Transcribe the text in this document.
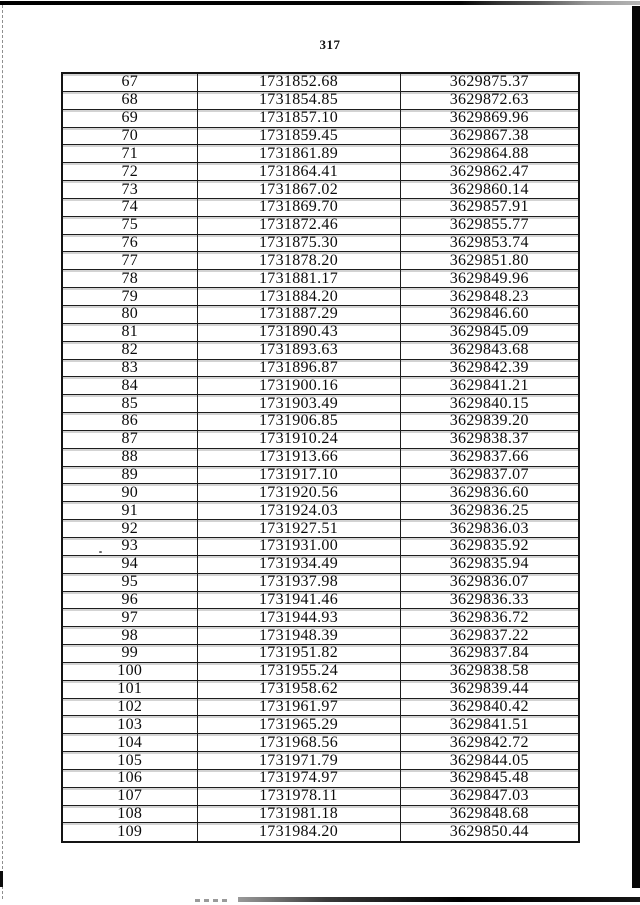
317
67	1731852.68	3629875.37
68	1731854.85	3629872.63
69	1731857.10	3629869.96
70	1731859.45	3629867.38
71	1731861.89	3629864.88
72	1731864.41	3629862.47
73	1731867.02	3629860.14
74	1731869.70	3629857.91
75	1731872.46	3629855.77
76	1731875.30	3629853.74
77	1731878.20	3629851.80
78	1731881.17	3629849.96
79	1731884.20	3629848.23
80	1731887.29	3629846.60
81	1731890.43	3629845.09
82	1731893.63	3629843.68
83	1731896.87	3629842.39
84	1731900.16	3629841.21
85	1731903.49	3629840.15
86	1731906.85	3629839.20
87	1731910.24	3629838.37
88	1731913.66	3629837.66
89	1731917.10	3629837.07
90	1731920.56	3629836.60
91	1731924.03	3629836.25
92	1731927.51	3629836.03
93	1731931.00	3629835.92
94	1731934.49	3629835.94
95	1731937.98	3629836.07
96	1731941.46	3629836.33
97	1731944.93	3629836.72
98	1731948.39	3629837.22
99	1731951.82	3629837.84
100	1731955.24	3629838.58
101	1731958.62	3629839.44
102	1731961.97	3629840.42
103	1731965.29	3629841.51
104	1731968.56	3629842.72
105	1731971.79	3629844.05
106	1731974.97	3629845.48
107	1731978.11	3629847.03
108	1731981.18	3629848.68
109	1731984.20	3629850.44
